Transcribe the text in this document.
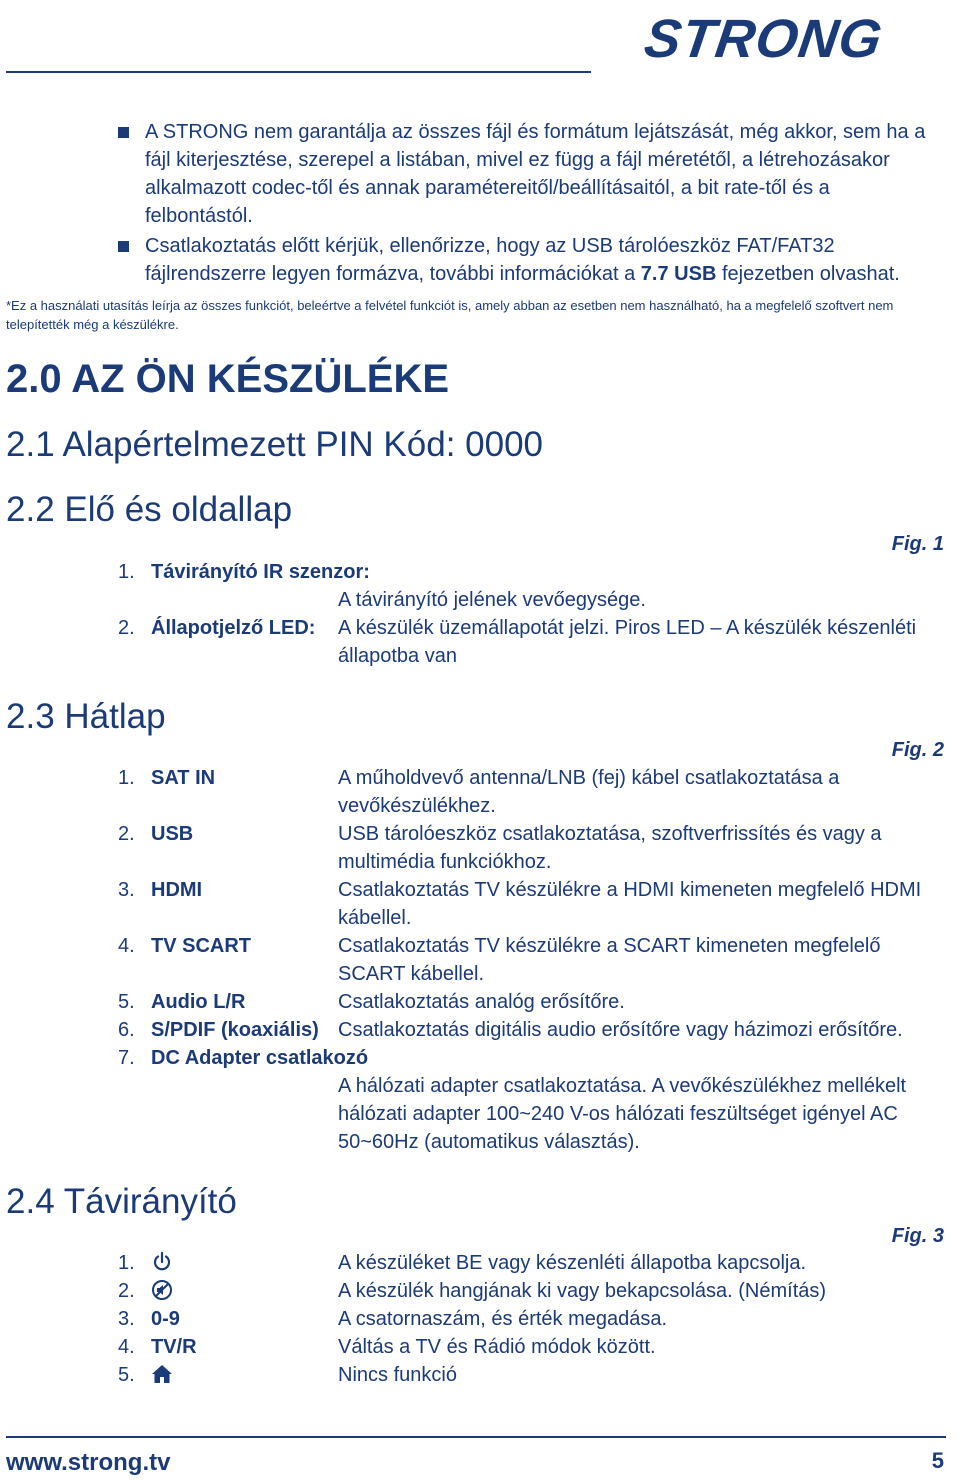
STRONG
A STRONG nem garantálja az összes fájl és formátum lejátszását, még akkor, sem ha a fájl kiterjesztése, szerepel a listában, mivel ez függ a fájl méretétől, a létrehozásakor alkalmazott codec-től és annak paramétereitől/beállításaitól, a bit rate-től és a felbontástól.
Csatlakoztatás előtt kérjük, ellenőrizze, hogy az USB tárolóeszköz FAT/FAT32 fájlrendszerre legyen formázva, további információkat a 7.7 USB fejezetben olvashat.
*Ez a használati utasítás leírja az összes funkciót, beleértve a felvétel funkciót is, amely abban az esetben nem használható, ha a megfelelő szoftvert nem telepítették még a készülékre.
2.0 AZ ÖN KÉSZÜLÉKE
2.1 Alapértelmezett PIN Kód: 0000
2.2 Elő és oldallap
Fig. 1
1. Távirányító IR szenzor:
A távirányító jelének vevőegysége.
2. Állapotjelző LED: A készülék üzemállapotát jelzi. Piros LED – A készülék készenléti állapotba van
2.3 Hátlap
Fig. 2
1. SAT IN	A műholdvevő antenna/LNB (fej) kábel csatlakoztatása a vevőkészülékhez.
2. USB	USB tárolóeszköz csatlakoztatása, szoftverfrissítés és vagy a multimédia funkciókhoz.
3. HDMI	Csatlakoztatás TV készülékre a HDMI kimeneten megfelelő HDMI kábellel.
4. TV SCART	Csatlakoztatás TV készülékre a SCART kimeneten megfelelő SCART kábellel.
5. Audio L/R	Csatlakoztatás analóg erősítőre.
6. S/PDIF (koaxiális) Csatlakoztatás digitális audio erősítőre vagy házimozi erősítőre.
7. DC Adapter csatlakozó
A hálózati adapter csatlakoztatása. A vevőkészülékhez mellékelt hálózati adapter 100~240 V-os hálózati feszültséget igényel AC 50~60Hz (automatikus választás).
2.4 Távirányító
Fig. 3
1.	A készüléket BE vagy készenléti állapotba kapcsolja.
2.	A készülék hangjának ki vagy bekapcsolása. (Némítás)
3. 0-9	A csatornaszám, és érték megadása.
4. TV/R	Váltás a TV és Rádió módok között.
5.	Nincs funkció
www.strong.tv	5
